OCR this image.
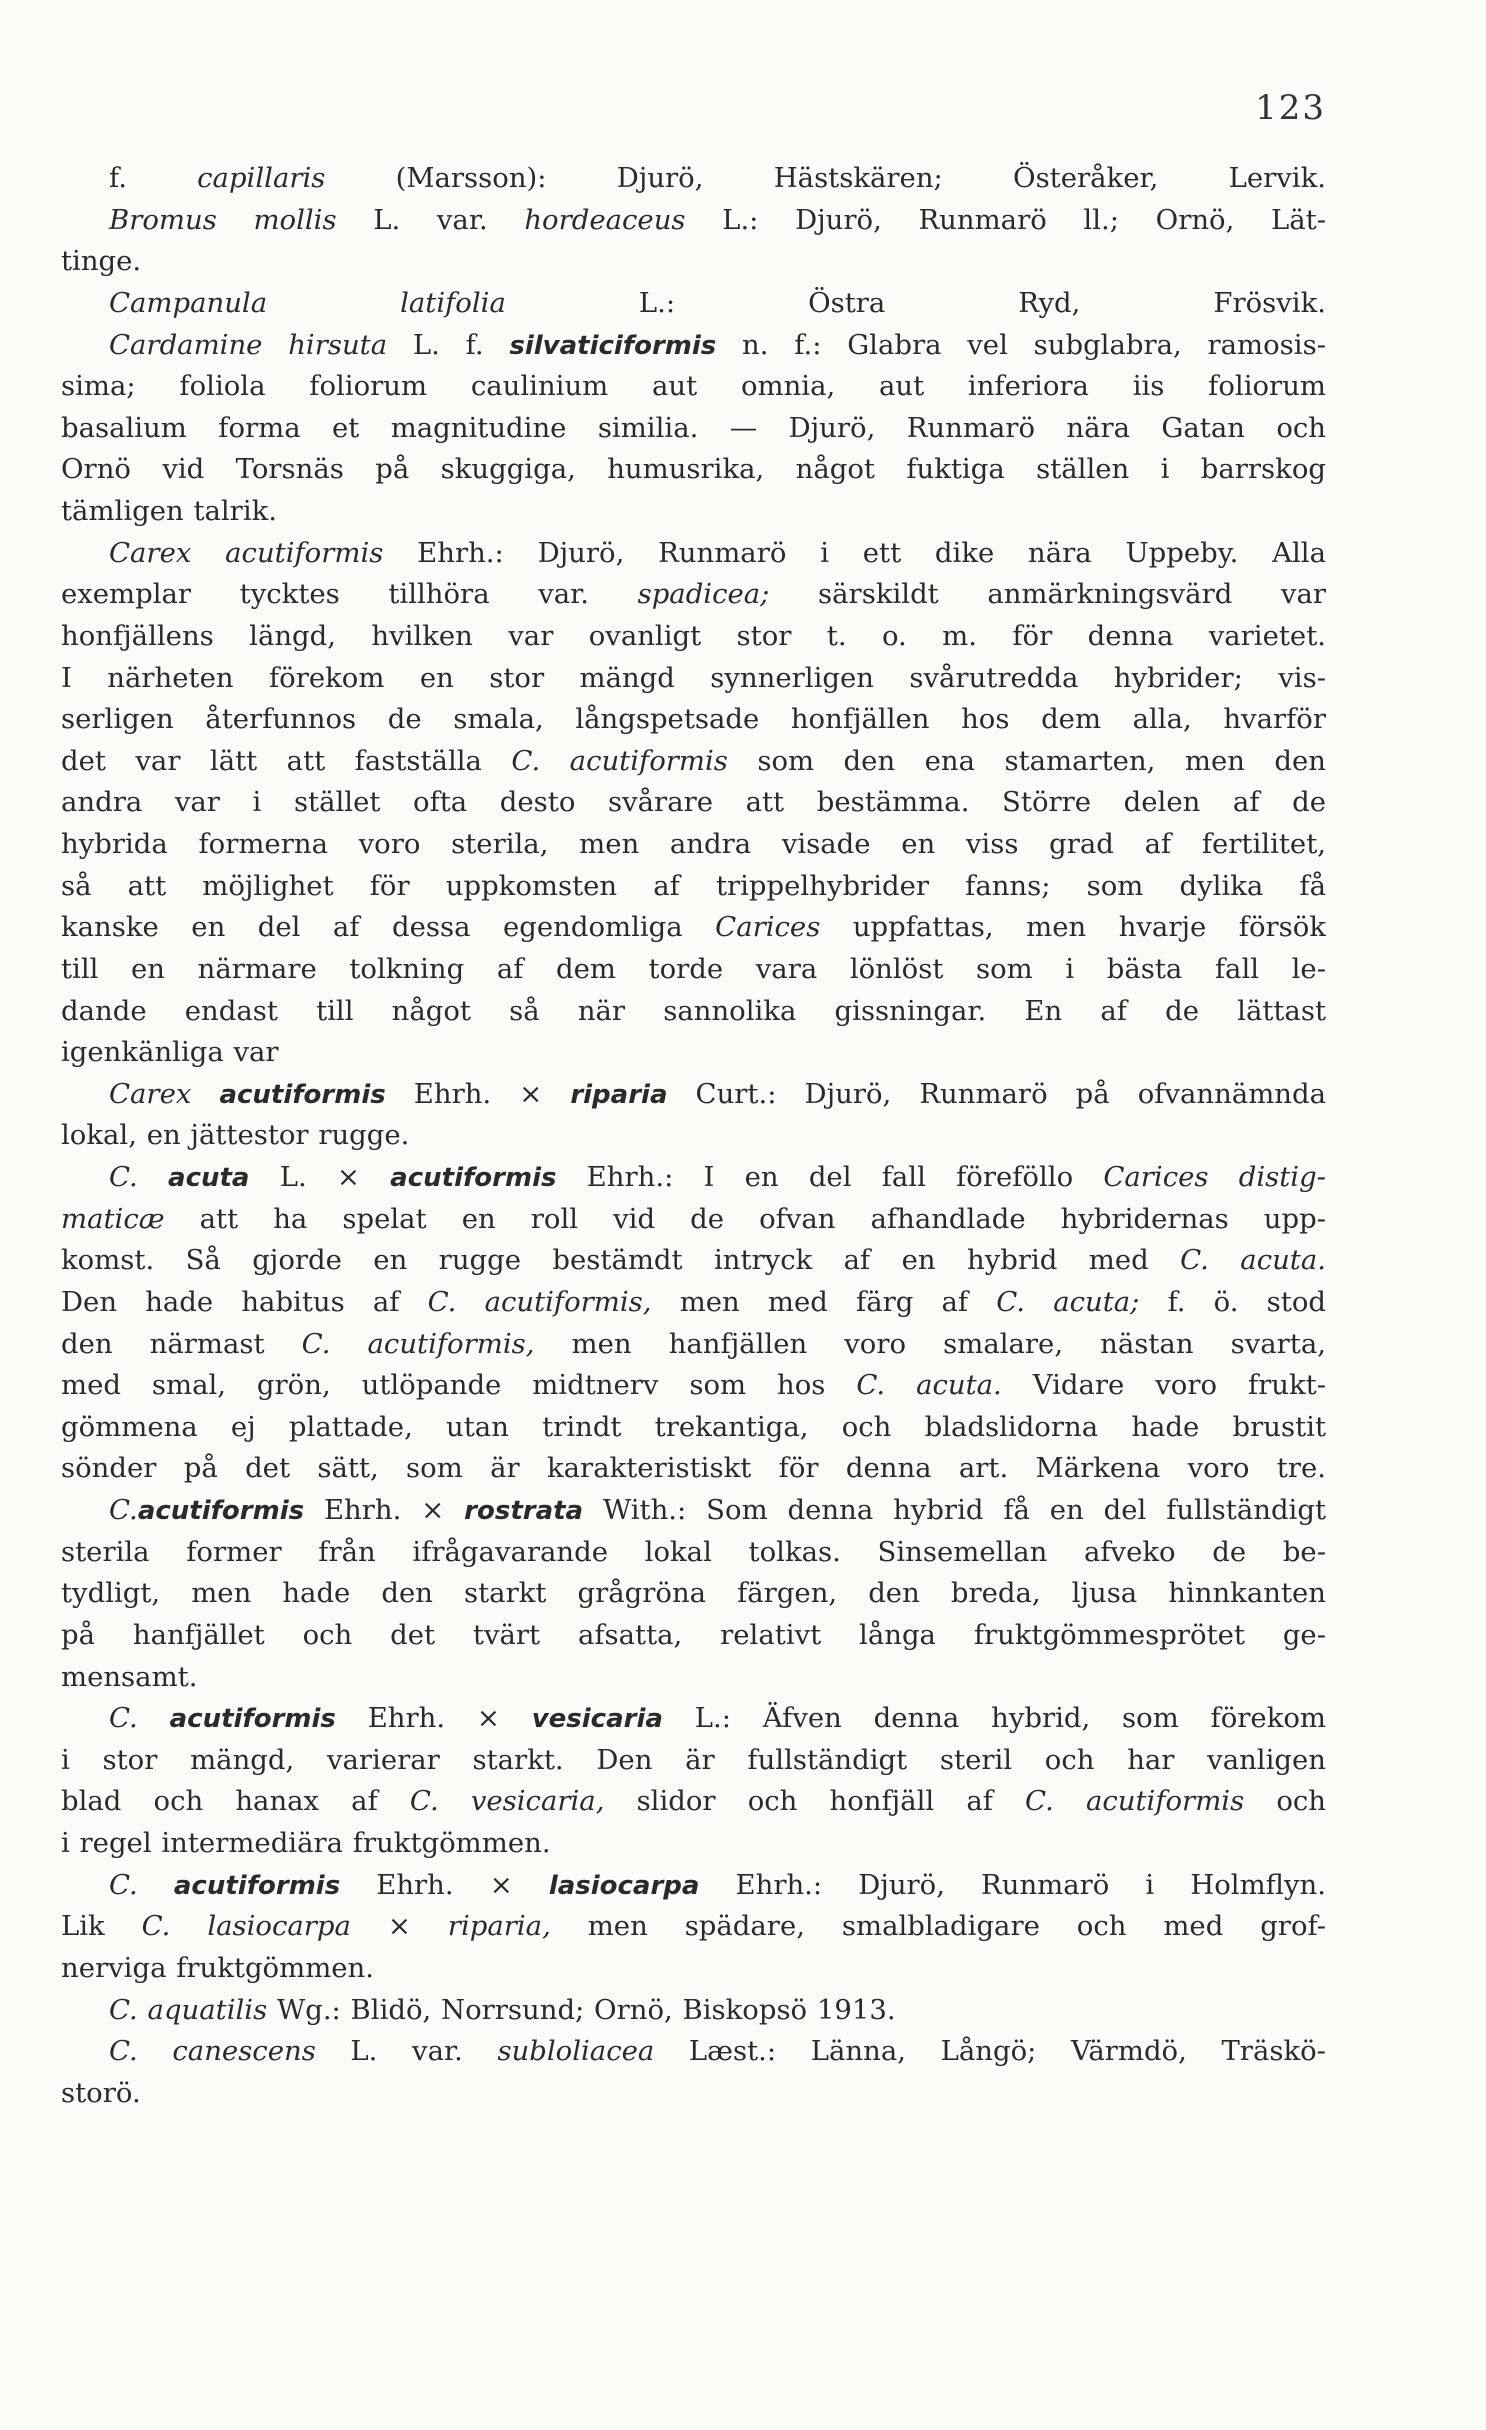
123
f. capillaris (Marsson): Djurö, Hästskären; Österåker, Lervik.
Bromus mollis L. var. hordeaceus L.: Djurö, Runmarö ll.; Ornö, Lät-
tinge.
Campanula latifolia L.: Östra Ryd, Frösvik.
Cardamine hirsuta L. f. silvaticiformis n. f.: Glabra vel subglabra, ramosis-
sima; foliola foliorum caulinium aut omnia, aut inferiora iis foliorum
basalium forma et magnitudine similia. — Djurö, Runmarö nära Gatan och
Ornö vid Torsnäs på skuggiga, humusrika, något fuktiga ställen i barrskog
tämligen talrik.
Carex acutiformis Ehrh.: Djurö, Runmarö i ett dike nära Uppeby. Alla
exemplar tycktes tillhöra var. spadicea; särskildt anmärkningsvärd var
honfjällens längd, hvilken var ovanligt stor t. o. m. för denna varietet.
I närheten förekom en stor mängd synnerligen svårutredda hybrider; vis-
serligen återfunnos de smala, långspetsade honfjällen hos dem alla, hvarför
det var lätt att fastställa C. acutiformis som den ena stamarten, men den
andra var i stället ofta desto svårare att bestämma. Större delen af de
hybrida formerna voro sterila, men andra visade en viss grad af fertilitet,
så att möjlighet för uppkomsten af trippelhybrider fanns; som dylika få
kanske en del af dessa egendomliga Carices uppfattas, men hvarje försök
till en närmare tolkning af dem torde vara lönlöst som i bästa fall le-
dande endast till något så när sannolika gissningar. En af de lättast
igenkänliga var
Carex acutiformis Ehrh. × riparia Curt.: Djurö, Runmarö på ofvannämnda
lokal, en jättestor rugge.
C. acuta L. × acutiformis Ehrh.: I en del fall föreföllo Carices distig-
maticæ att ha spelat en roll vid de ofvan afhandlade hybridernas upp-
komst. Så gjorde en rugge bestämdt intryck af en hybrid med C. acuta.
Den hade habitus af C. acutiformis, men med färg af C. acuta; f. ö. stod
den närmast C. acutiformis, men hanfjällen voro smalare, nästan svarta,
med smal, grön, utlöpande midtnerv som hos C. acuta. Vidare voro frukt-
gömmena ej plattade, utan trindt trekantiga, och bladslidorna hade brustit
sönder på det sätt, som är karakteristiskt för denna art. Märkena voro tre.
C.acutiformis Ehrh. × rostrata With.: Som denna hybrid få en del fullständigt
sterila former från ifrågavarande lokal tolkas. Sinsemellan afveko de be-
tydligt, men hade den starkt grågröna färgen, den breda, ljusa hinnkanten
på hanfjället och det tvärt afsatta, relativt långa fruktgömmesprötet ge-
mensamt.
C. acutiformis Ehrh. × vesicaria L.: Äfven denna hybrid, som förekom
i stor mängd, varierar starkt. Den är fullständigt steril och har vanligen
blad och hanax af C. vesicaria, slidor och honfjäll af C. acutiformis och
i regel intermediära fruktgömmen.
C. acutiformis Ehrh. × lasiocarpa Ehrh.: Djurö, Runmarö i Holmflyn.
Lik C. lasiocarpa × riparia, men spädare, smalbladigare och med grof-
nerviga fruktgömmen.
C. aquatilis Wg.: Blidö, Norrsund; Ornö, Biskopsö 1913.
C. canescens L. var. subloliacea Læst.: Länna, Långö; Värmdö, Träskö-
storö.
